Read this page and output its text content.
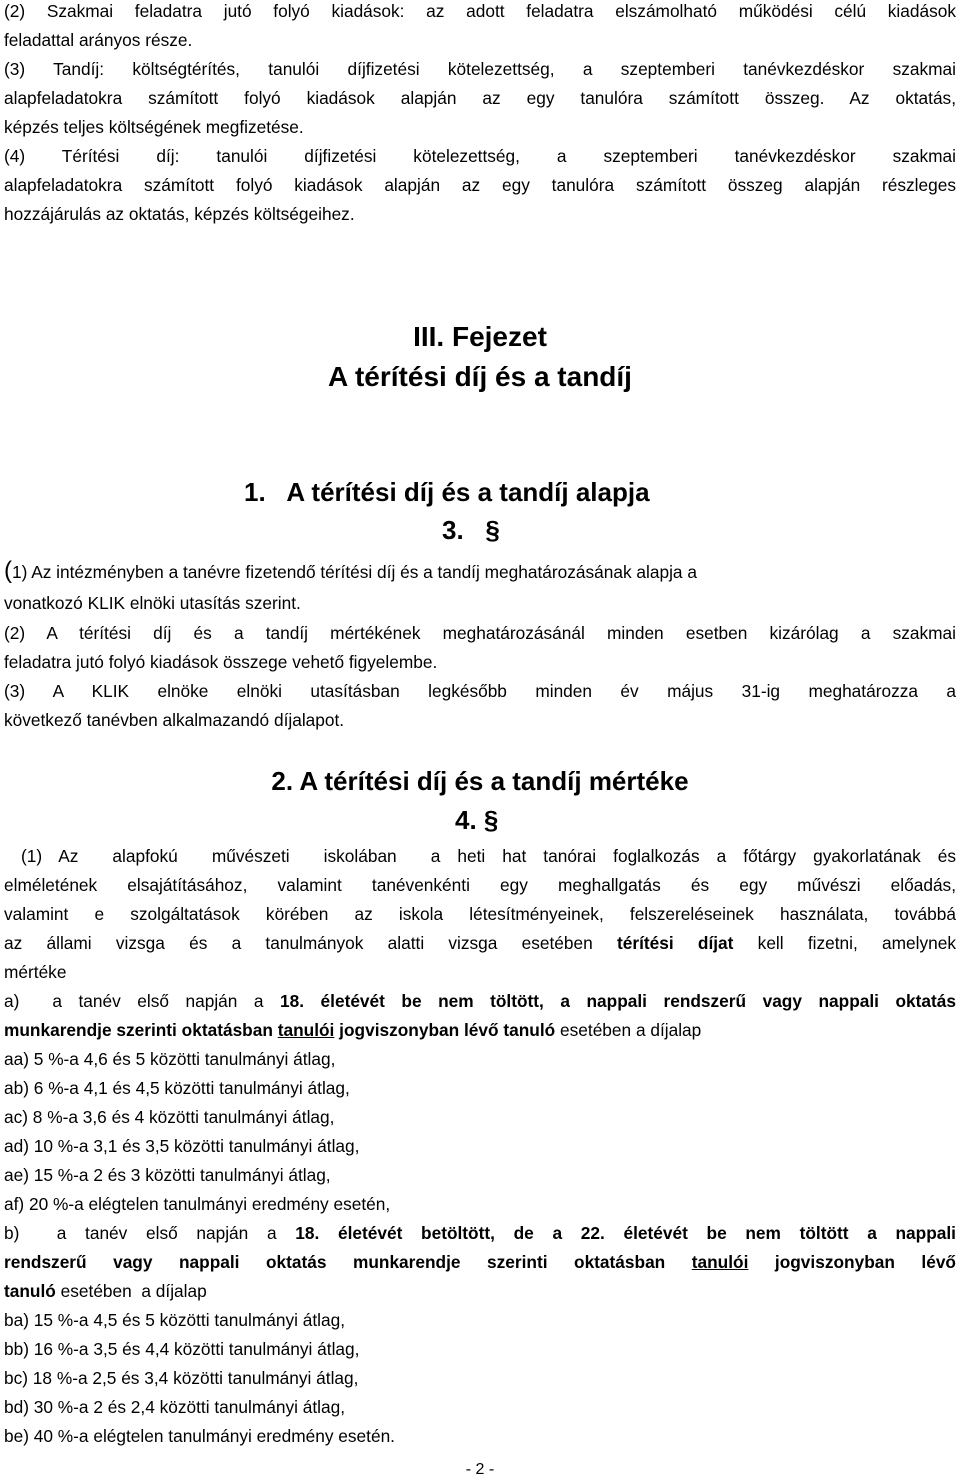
(2) Szakmai feladatra jutó folyó kiadások: az adott feladatra elszámolható működési célú kiadások
feladattal arányos része.
(3) Tandíj: költségtérítés, tanulói díjfizetési kötelezettség, a szeptemberi tanévkezdéskor szakmai
alapfeladatokra számított folyó kiadások alapján az egy tanulóra számított összeg. Az oktatás,
képzés teljes költségének megfizetése.
(4) Térítési díj: tanulói díjfizetési kötelezettség, a szeptemberi tanévkezdéskor szakmai
alapfeladatokra számított folyó kiadások alapján az egy tanulóra számított összeg alapján részleges
hozzájárulás az oktatás, képzés költségeihez.
III. Fejezet
A térítési díj és a tandíj
1.   A térítési díj és a tandíj alapja
3.   §
(1) Az intézményben a tanévre fizetendő térítési díj és a tandíj meghatározásának alapja a
vonatkozó KLIK elnöki utasítás szerint.
(2) A térítési díj és a tandíj mértékének meghatározásánál minden esetben kizárólag a szakmai
feladatra jutó folyó kiadások összege vehető figyelembe.
(3) A KLIK elnöke elnöki utasításban legkésőbb minden év május 31-ig meghatározza a
következő tanévben alkalmazandó díjalapot.
2. A térítési díj és a tandíj mértéke
4. §
(1) Az  alapfokú  művészeti  iskolában  a heti hat tanórai foglalkozás a főtárgy gyakorlatának és
elméletének elsajátításához, valamint tanévenkénti egy meghallgatás és egy művészi előadás,
valamint e szolgáltatások körében az iskola létesítményeinek, felszereléseinek használata, továbbá
az állami vizsga és a tanulmányok alatti vizsga esetében térítési díjat kell fizetni, amelynek
mértéke
a)  a tanév első napján a 18. életévét be nem töltött, a nappali rendszerű vagy nappali oktatás
munkarendje szerinti oktatásban tanulói jogviszonyban lévő tanuló esetében a díjalap
aa) 5 %-a 4,6 és 5 közötti tanulmányi átlag,
ab) 6 %-a 4,1 és 4,5 közötti tanulmányi átlag,
ac) 8 %-a 3,6 és 4 közötti tanulmányi átlag,
ad) 10 %-a 3,1 és 3,5 közötti tanulmányi átlag,
ae) 15 %-a 2 és 3 közötti tanulmányi átlag,
af) 20 %-a elégtelen tanulmányi eredmény esetén,
b)  a tanév első napján a 18. életévét betöltött, de a 22. életévét be nem töltött a nappali
rendszerű vagy nappali oktatás munkarendje szerinti oktatásban tanulói jogviszonyban lévő
tanuló esetében  a díjalap
ba) 15 %-a 4,5 és 5 közötti tanulmányi átlag,
bb) 16 %-a 3,5 és 4,4 közötti tanulmányi átlag,
bc) 18 %-a 2,5 és 3,4 közötti tanulmányi átlag,
bd) 30 %-a 2 és 2,4 közötti tanulmányi átlag,
be) 40 %-a elégtelen tanulmányi eredmény esetén.
- 2 -
